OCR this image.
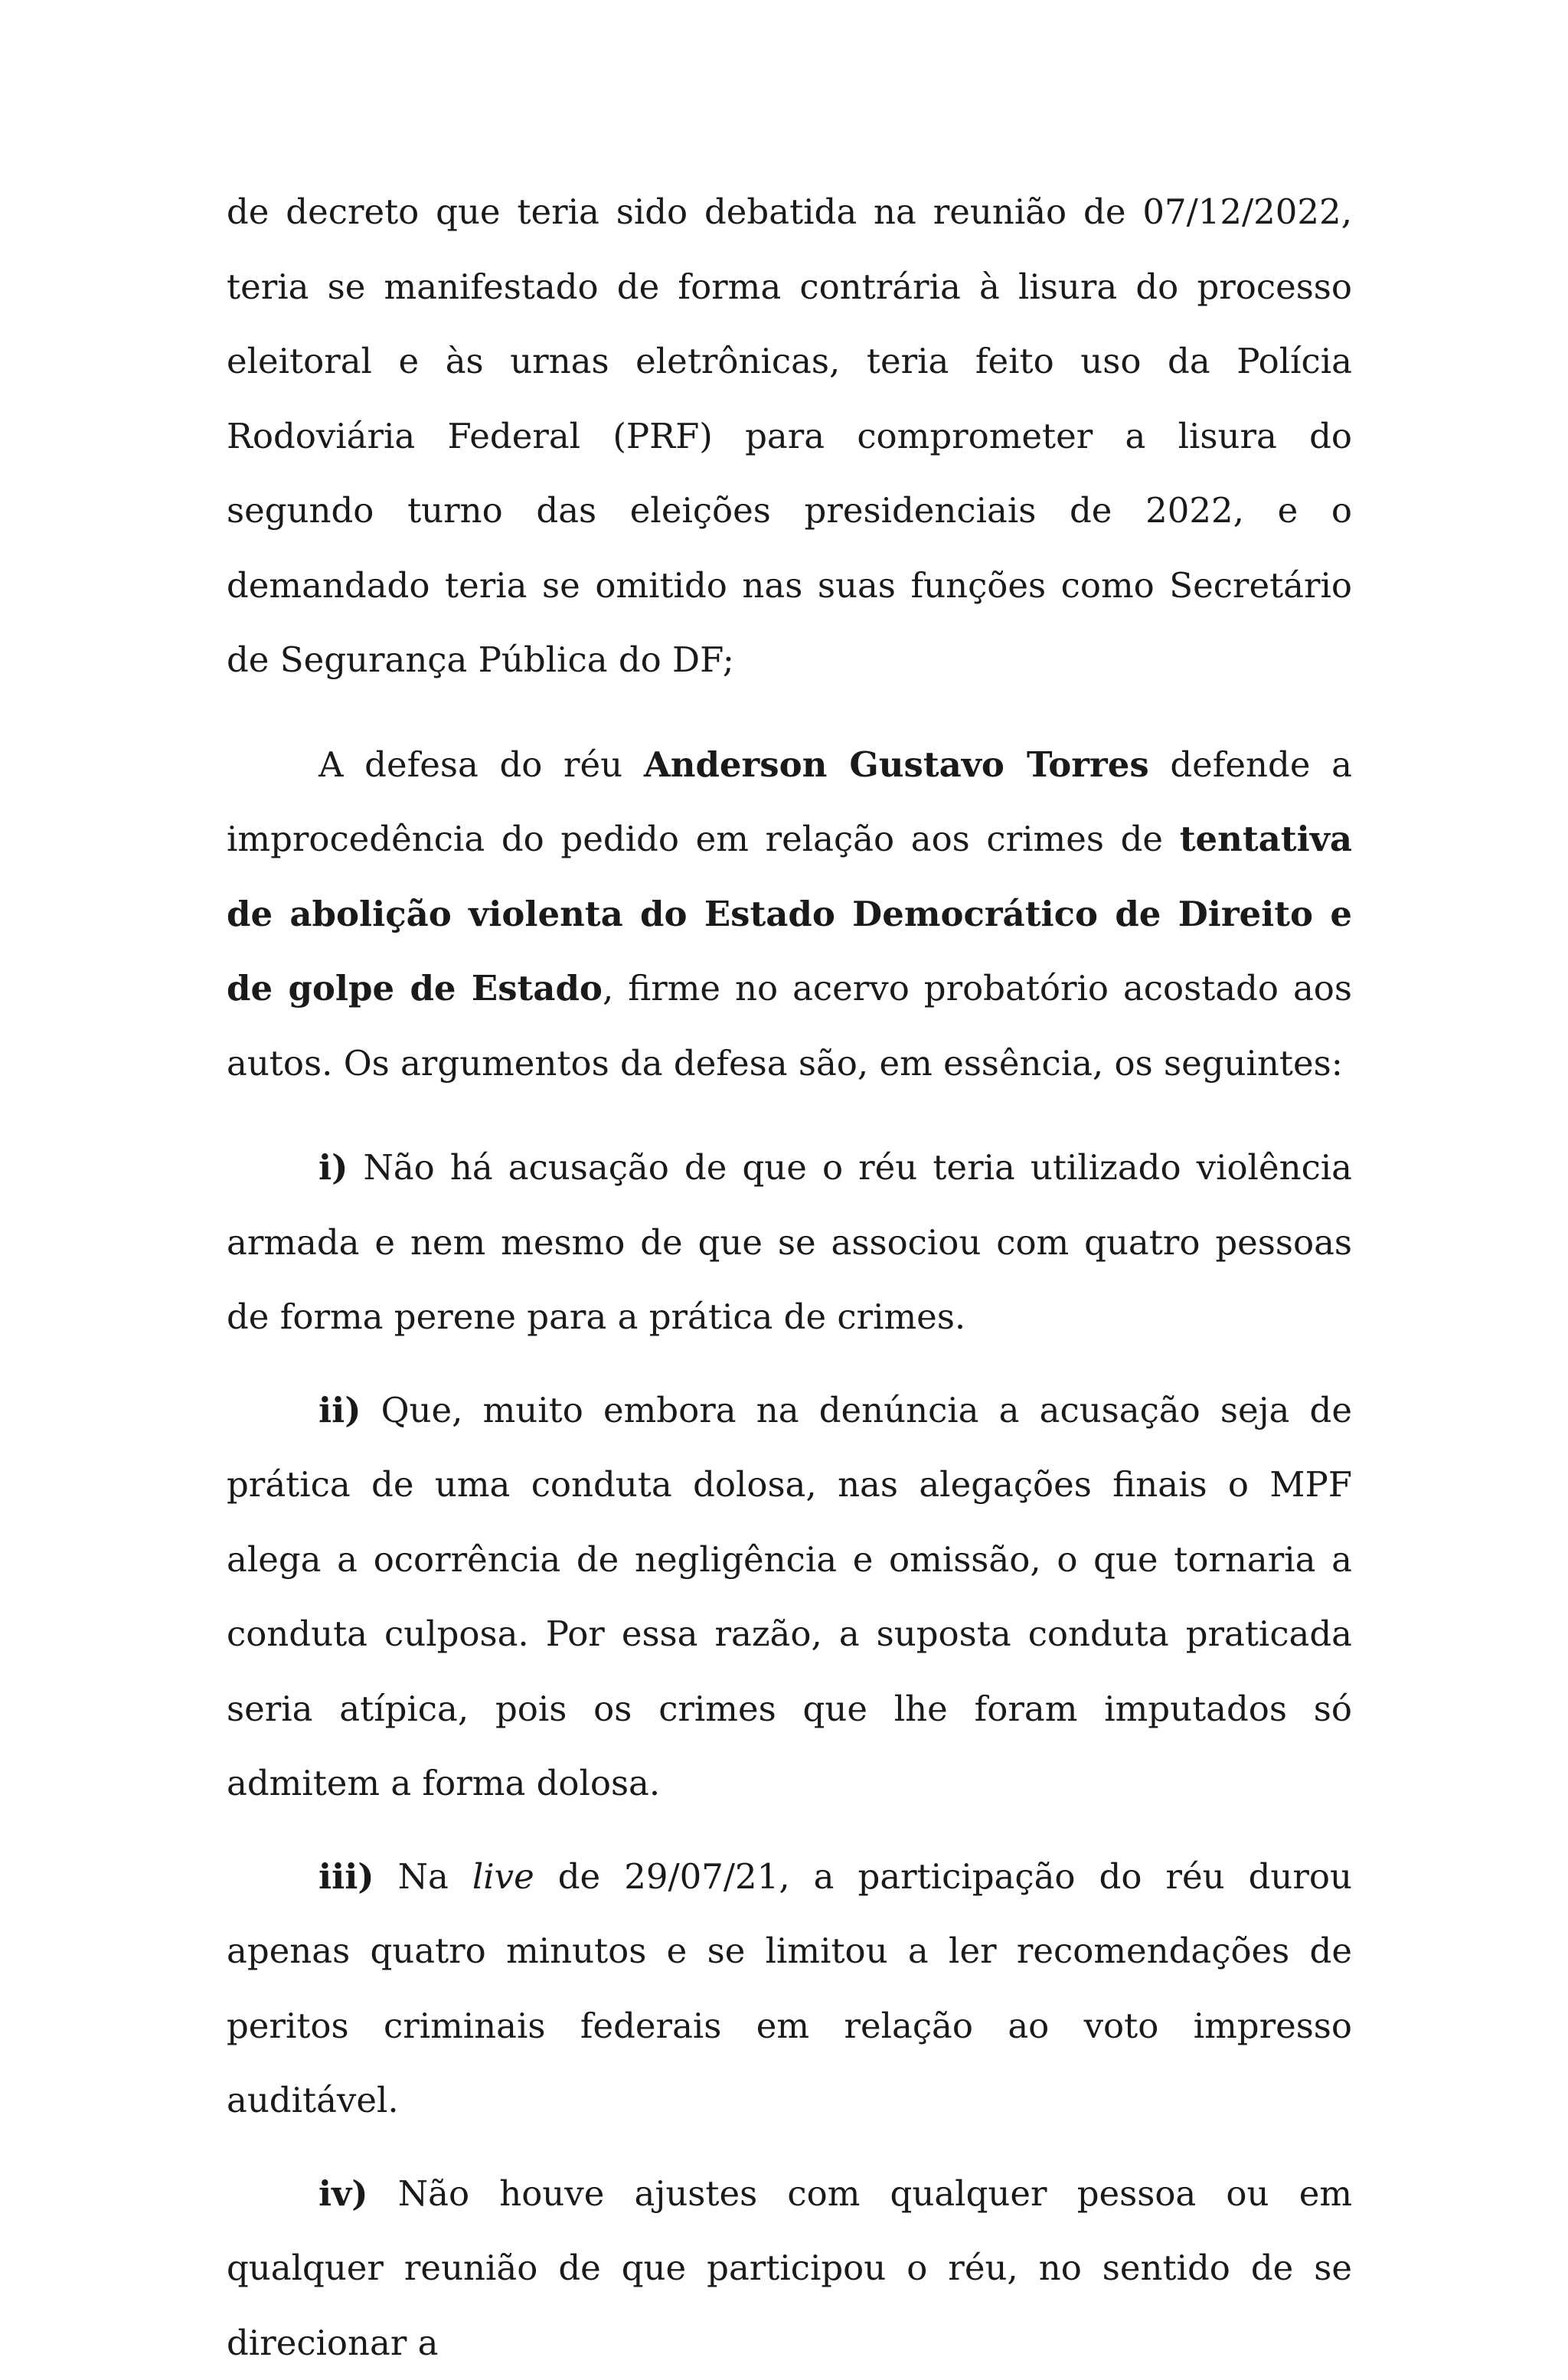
de decreto que teria sido debatida na reunião de 07/12/2022, teria se manifestado de forma contrária à lisura do processo eleitoral e às urnas eletrônicas, teria feito uso da Polícia Rodoviária Federal (PRF) para comprometer a lisura do segundo turno das eleições presidenciais de 2022, e o demandado teria se omitido nas suas funções como Secretário de Segurança Pública do DF;

A defesa do réu Anderson Gustavo Torres defende a improcedência do pedido em relação aos crimes de tentativa de abolição violenta do Estado Democrático de Direito e de golpe de Estado, firme no acervo probatório acostado aos autos. Os argumentos da defesa são, em essência, os seguintes:

i) Não há acusação de que o réu teria utilizado violência armada e nem mesmo de que se associou com quatro pessoas de forma perene para a prática de crimes.

ii) Que, muito embora na denúncia a acusação seja de prática de uma conduta dolosa, nas alegações finais o MPF alega a ocorrência de negligência e omissão, o que tornaria a conduta culposa. Por essa razão, a suposta conduta praticada seria atípica, pois os crimes que lhe foram imputados só admitem a forma dolosa.

iii) Na live de 29/07/21, a participação do réu durou apenas quatro minutos e se limitou a ler recomendações de peritos criminais federais em relação ao voto impresso auditável.

iv) Não houve ajustes com qualquer pessoa ou em qualquer reunião de que participou o réu, no sentido de se direcionar a
